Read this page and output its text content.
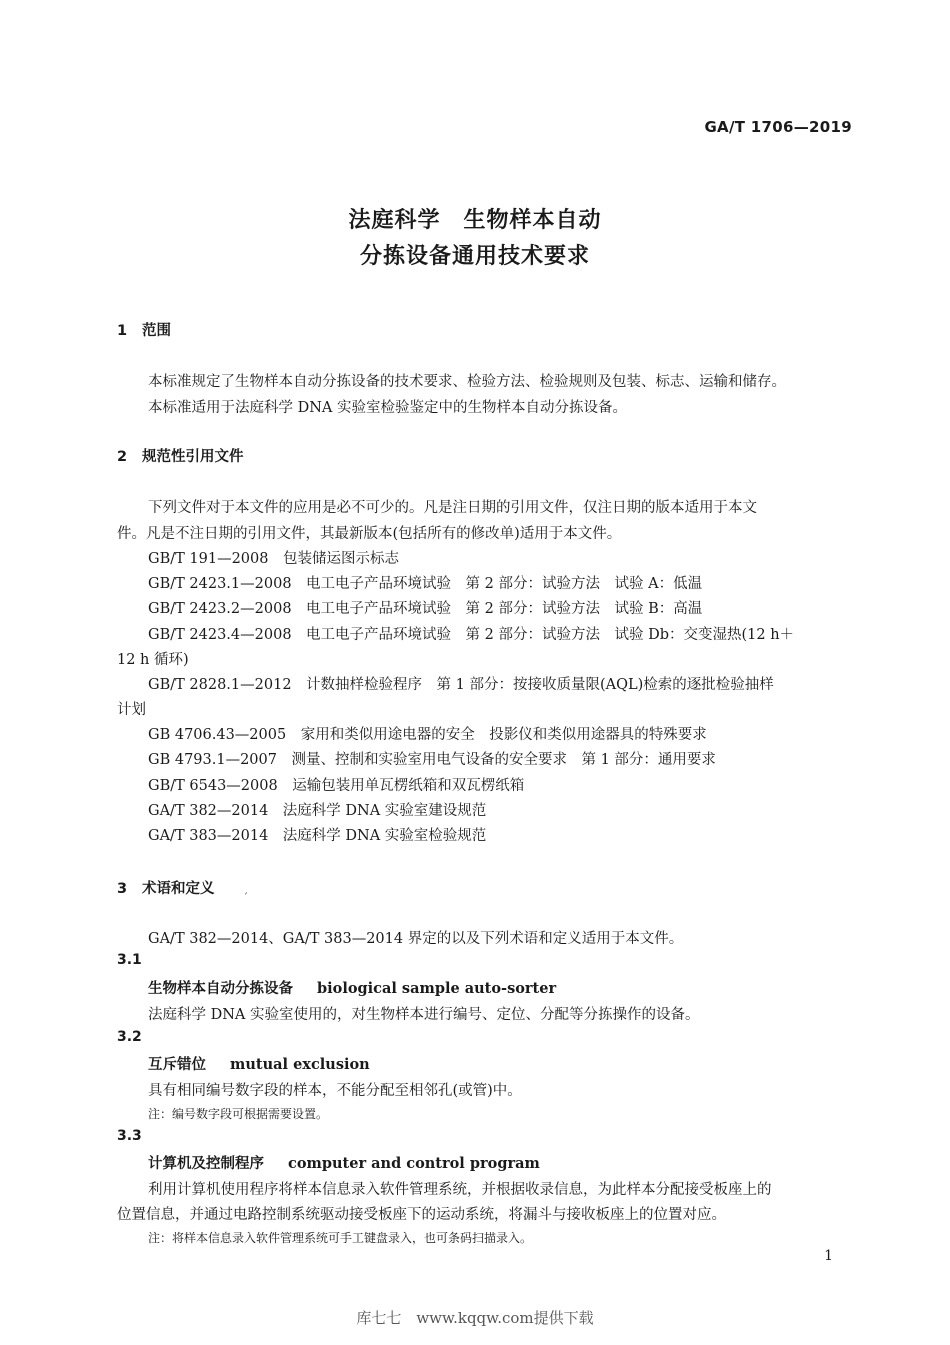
GA/T 1706—2019
法庭科学　生物样本自动
分拣设备通用技术要求
1 范围
本标准规定了生物样本自动分拣设备的技术要求、检验方法、检验规则及包装、标志、运输和储存。
本标准适用于法庭科学 DNA 实验室检验鉴定中的生物样本自动分拣设备。
2 规范性引用文件
下列文件对于本文件的应用是必不可少的。凡是注日期的引用文件，仅注日期的版本适用于本文
件。凡是不注日期的引用文件，其最新版本(包括所有的修改单)适用于本文件。
GB/T 191—2008　包装储运图示标志
GB/T 2423.1—2008　电工电子产品环境试验　第 2 部分：试验方法　试验 A：低温
GB/T 2423.2—2008　电工电子产品环境试验　第 2 部分：试验方法　试验 B：高温
GB/T 2423.4—2008　电工电子产品环境试验　第 2 部分：试验方法　试验 Db：交变湿热(12 h＋
12 h 循环)
GB/T 2828.1—2012　计数抽样检验程序　第 1 部分：按接收质量限(AQL)检索的逐批检验抽样
计划
GB 4706.43—2005　家用和类似用途电器的安全　投影仪和类似用途器具的特殊要求
GB 4793.1—2007　测量、控制和实验室用电气设备的安全要求　第 1 部分：通用要求
GB/T 6543—2008　运输包装用单瓦楞纸箱和双瓦楞纸箱
GA/T 382—2014　法庭科学 DNA 实验室建设规范
GA/T 383—2014　法庭科学 DNA 实验室检验规范
3 术语和定义
ˊ
GA/T 382—2014、GA/T 383—2014 界定的以及下列术语和定义适用于本文件。
3.1
生物样本自动分拣设备 biological sample auto-sorter
法庭科学 DNA 实验室使用的，对生物样本进行编号、定位、分配等分拣操作的设备。
3.2
互斥错位 mutual exclusion
具有相同编号数字段的样本，不能分配至相邻孔(或管)中。
注：编号数字段可根据需要设置。
3.3
计算机及控制程序 computer and control program
利用计算机使用程序将样本信息录入软件管理系统，并根据收录信息，为此样本分配接受板座上的
位置信息，并通过电路控制系统驱动接受板座下的运动系统，将漏斗与接收板座上的位置对应。
注：将样本信息录入软件管理系统可手工键盘录入，也可条码扫描录入。
1
库七七　www.kqqw.com提供下载
